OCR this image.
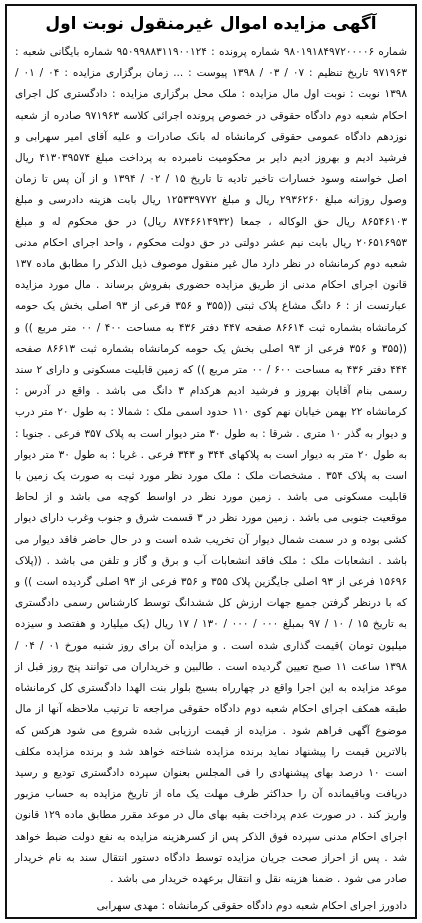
آگهی مزایده اموال غیرمنقول نوبت اول

شماره ۹۸۰۱۹۱۸۴۹۷۲۰۰۰۰۶ شماره پرونده : ۹۵۰۹۹۸۸۳۱۱۹۰۰۱۲۴ شماره بایگانی شعبه : ۹۷۱۹۶۳ تاریخ تنظیم : ۰۷ / ۰۳ / ۱۳۹۸ پیوست : ... زمان برگزاری مزایده : ۰۴ / ۰۱ / ۱۳۹۸ نوبت : نوبت اول مال مزایده : ملک محل برگزاری مزایده : دادگستری کل اجرای احکام شعبه دوم دادگاه حقوقی در خصوص پرونده اجرائی کلاسه ۹۷۱۹۶۳ صادره از شعبه نوزدهم دادگاه عمومی حقوقی کرمانشاه له بانک صادرات و علیه آقای امیر سهرابی و فرشید ادیم و بهروز ادیم دایر بر محکومیت نامبرده به پرداخت مبلغ ۴۱۳۰۳۹۵۷۴ ریال اصل خواسته وسود خسارات تاخیر تادیه تا تاریخ ۱۵ / ۰۲ / ۱۳۹۴ و از آن پس تا زمان وصول روزانه مبلغ ۲۹۳۶۲۶۰ ریال و مبلغ ۱۲۵۳۳۹۷۷۲ ریال بابت هزینه دادرسی و مبلغ ۸۶۵۴۶۱۰۳ ریال حق الوکاله ، جمعا (۸۷۴۶۶۱۴۹۳۲ ریال) در حق محکوم له و مبلغ ۲۰۶۵۱۶۹۵۳ ریال بابت نیم عشر دولتی در حق دولت محکوم ، واحد اجرای احکام مدنی شعبه دوم کرمانشاه در نظر دارد مال غیر منقول موصوف ذیل الذکر را مطابق ماده ۱۳۷ قانون اجرای احکام مدنی از طریق مزایده حضوری بفروش برساند . مال مورد مزایده عبارتست از : ۶ دانگ مشاع پلاک ثبتی ((۳۵۵ و ۳۵۶ فرعی از ۹۳ اصلی بخش یک حومه کرمانشاه بشماره ثبت ۸۶۶۱۴ صفحه ۴۴۷ دفتر ۴۳۶ به مساحت ۴۰۰ / ۰۰ متر مربع )) و ((۳۵۵ و ۳۵۶ فرعی از ۹۳ اصلی بخش یک حومه کرمانشاه بشماره ثبت ۸۶۶۱۳ صفحه ۴۴۴ دفتر ۴۳۶ به مساحت ۶۰۰ / ۰۰ متر مربع )) که زمین قابلیت مسکونی و دارای ۲ سند رسمی بنام آقایان بهروز و فرشید ادیم هرکدام ۳ دانگ می باشد . واقع در آدرس : کرمانشاه ۲۲ بهمن خیابان نهم کوی ۱۱۰ حدود اسمی ملک : شمالا : به طول ۲۰ متر درب و دیوار به گذر ۱۰ متری . شرقا : به طول ۳۰ متر دیوار است به پلاک ۳۵۷ فرعی . جنوبا : به طول ۲۰ متر به دیوار است به پلاکهای ۳۴۴ و ۳۴۳ فرعی . غربا : به طول ۳۰ متر دیوار است به پلاک ۳۵۴ . مشخصات ملک : ملک مورد نظر مورد ثبت به صورت یک زمین با قابلیت مسکونی می باشد . زمین مورد نظر در اواسط کوچه می باشد و از لحاظ موقعیت جنوبی می باشد . زمین مورد نظر در ۳ قسمت شرق و جنوب وغرب دارای دیوار کشی بوده و در سمت شمال دیوار آن تخریب شده است و در حال حاضر فاقد دیوار می باشد . انشعابات ملک : ملک فاقد انشعابات آب و برق و گاز و تلفن می باشد . ((پلاک ۱۵۶۹۶ فرعی از ۹۳ اصلی جایگزین پلاک ۳۵۵ و ۳۵۶ فرعی از ۹۳ اصلی گردیده است )) و که با درنظر گرفتن جمیع جهات ارزش کل ششدانگ توسط کارشناس رسمی دادگستری به تاریخ ۱۵ / ۱۰ / ۹۷ بمبلغ ۰۰۰ / ۰۰۰ / ۱۳۰ / ۱۷ ریال (یک میلیارد و هفتصد و سیزده میلیون تومان )قیمت گذاری شده است . و مزایده آن برای روز شنبه مورخ ۰۱ / ۰۴ / ۱۳۹۸ ساعت ۱۱ صبح تعیین گردیده است . طالبین و خریداران می توانند پنج روز قبل از موعد مزایده به این اجرا واقع در چهارراه بسیج بلوار بنت الهدا دادگستری کل کرمانشاه طبقه همکف اجرای احکام شعبه دوم دادگاه حقوقی مراجعه تا ترتیب ملاحظه آنها از مال موضوع آگهی فراهم شود . مزایده از قیمت ارزیابی شده شروع می شود هرکس که بالاترین قیمت را پیشنهاد نماید برنده مزایده شناخته خواهد شد و برنده مزایده مکلف است ۱۰ درصد بهای پیشنهادی را فی المجلس بعنوان سپرده دادگستری تودیع و رسید دریافت وباقیمانده آن را حداکثر ظرف مهلت یک ماه از تاریخ مزایده به حساب مزبور واریز کند . در صورت عدم پرداخت بقیه بهای مال در موعد مقرر مطابق ماده ۱۲۹ قانون اجرای احکام مدنی سپرده فوق الذکر پس از کسرهزینه مزایده به نفع دولت ضبط خواهد شد . پس از احراز صحت جریان مزایده توسط دادگاه دستور انتقال سند به نام خریدار صادر می شود . ضمنا هزینه نقل و انتقال برعهده خریدار می باشد .

دادورز اجرای احکام شعبه دوم دادگاه حقوقی کرمانشاه : مهدی سهرابی
